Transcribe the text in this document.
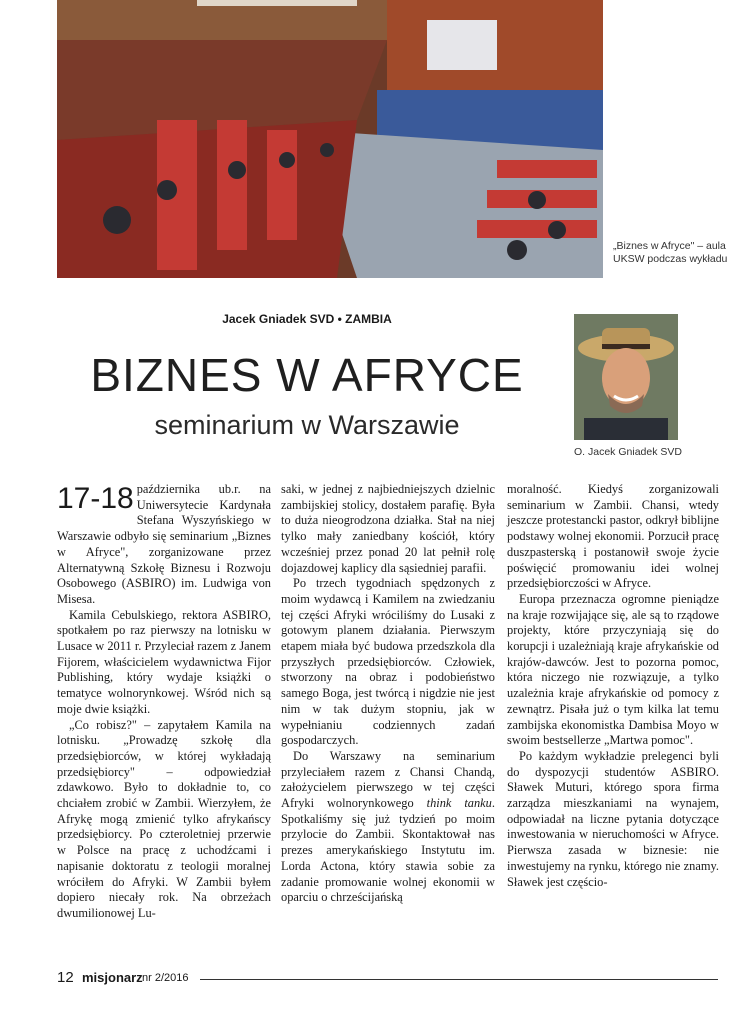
„Biznes w Afryce" – aula UKSW podczas wykładu
Jacek Gniadek SVD • ZAMBIA
BIZNES W AFRYCE
seminarium w Warszawie
O. Jacek Gniadek SVD

17-18 października ub.r. na Uniwersytecie Kardynała Stefana Wyszyńskiego w Warszawie odbyło się seminarium „Biznes w Afryce", zorganizowane przez Alternatywną Szkołę Biznesu i Rozwoju Osobowego (ASBIRO) im. Ludwiga von Misesa.

Kamila Cebulskiego, rektora ASBIRO, spotkałem po raz pierwszy na lotnisku w Lusace w 2011 r. Przyleciał razem z Janem Fijorem, właścicielem wydawnictwa Fijor Publishing, który wydaje książki o tematyce wolnorynkowej. Wśród nich są moje dwie książki.

„Co robisz?" – zapytałem Kamila na lotnisku. „Prowadzę szkołę dla przedsiębiorców, w której wykładają przedsiębiorcy" – odpowiedział zdawkowo. Było to dokładnie to, co chciałem zrobić w Zambii. Wierzyłem, że Afrykę mogą zmienić tylko afrykańscy przedsiębiorcy. Po czteroletniej przerwie w Polsce na pracę z uchodźcami i napisanie doktoratu z teologii moralnej wróciłem do Afryki. W Zambii byłem dopiero niecały rok. Na obrzeżach dwumilionowej Lu-

saki, w jednej z najbiedniejszych dzielnic zambijskiej stolicy, dostałem parafię. Była to duża nieogrodzona działka. Stał na niej tylko mały zaniedbany kościół, który wcześniej przez ponad 20 lat pełnił rolę dojazdowej kaplicy dla sąsiedniej parafii.

Po trzech tygodniach spędzonych z moim wydawcą i Kamilem na zwiedzaniu tej części Afryki wróciliśmy do Lusaki z gotowym planem działania. Pierwszym etapem miała być budowa przedszkola dla przyszłych przedsiębiorców. Człowiek, stworzony na obraz i podobieństwo samego Boga, jest twórcą i nigdzie nie jest nim w tak dużym stopniu, jak w wypełnianiu codziennych zadań gospodarczych.

Do Warszawy na seminarium przyleciałem razem z Chansi Chandą, założycielem pierwszego w tej części Afryki wolnorynkowego think tanku. Spotkaliśmy się już tydzień po moim przylocie do Zambii. Skontaktował nas prezes amerykańskiego Instytutu im. Lorda Actona, który stawia sobie za zadanie promowanie wolnej ekonomii w oparciu o chrześcijańską

moralność. Kiedyś zorganizowali seminarium w Zambii. Chansi, wtedy jeszcze protestancki pastor, odkrył biblijne podstawy wolnej ekonomii. Porzucił pracę duszpasterską i postanowił swoje życie poświęcić promowaniu idei wolnej przedsiębiorczości w Afryce.

Europa przeznacza ogromne pieniądze na kraje rozwijające się, ale są to rządowe projekty, które przyczyniają się do korupcji i uzależniają kraje afrykańskie od krajów-dawców. Jest to pozorna pomoc, która niczego nie rozwiązuje, a tylko uzależnia kraje afrykańskie od pomocy z zewnątrz. Pisała już o tym kilka lat temu zambijska ekonomistka Dambisa Moyo w swoim bestsellerze „Martwa pomoc".

Po każdym wykładzie prelegenci byli do dyspozycji studentów ASBIRO. Sławek Muturi, którego spora firma zarządza mieszkaniami na wynajem, odpowiadał na liczne pytania dotyczące inwestowania w nieruchomości w Afryce. Pierwsza zasada w biznesie: nie inwestujemy na rynku, którego nie znamy. Sławek jest częścio-

12 misjonarz nr 2/2016
